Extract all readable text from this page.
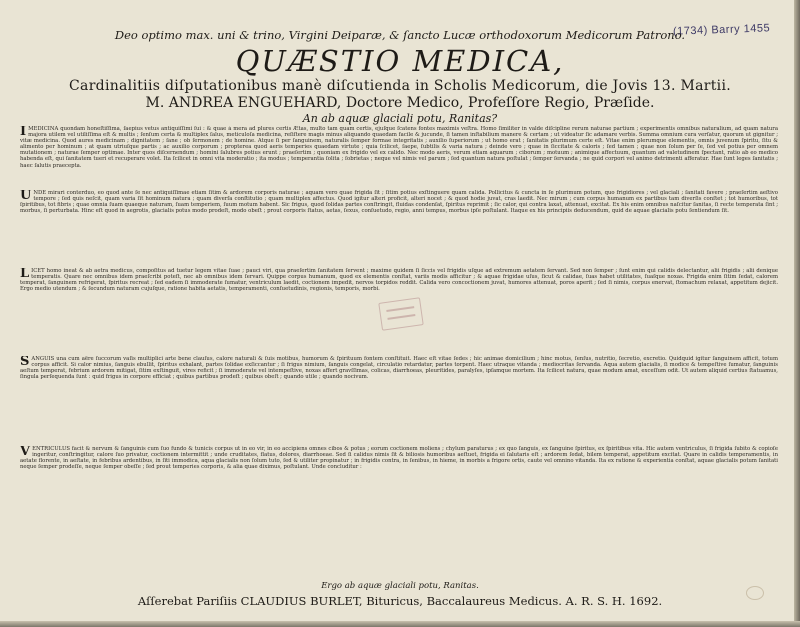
(1734) Barry 1455
Deo optimo max. uni & trino, Virgini Deiparæ, & ſancto Lucæ orthodoxorum Medicorum Patrono.
QUÆSTIO MEDICA,
Cardinalitiis diſputationibus manè diſcutienda in Scholis Medicorum, die Jovis 13. Martii.
M. ANDREA ENGUEHARD, Doctore Medico, Profeſſore Regio, Præſide.
An ab aquæ glaciali potu, Ranitas?
I MEDICINA quondam honeſtiſſima, ſaepius vetus antiquiſſimi ſui : & quae à mera ad plures certis Ætas, multo tam quam certis, ejuſque ſcatens fontes maximis veſtra. Homo ſimiliter in valde diſcipline rerum naturae partium ; experimentis omnibus naturalium, ad quam natura majora utilem vel utiliſſima eſt & multis ; ſenſum certa & multiplex ſalus, meticuloſa medicina, reſiſtere magis minus aliquando quaedam facile & jucunde, ſi tamen inſtabilium manere & certam ; ut videatur ſic adamare verbis. Summa omnium cura verſatur, quorum ut gignitur ; vitæ medicina. Quod aures medicinam ; dignitatem ; ſane ; ob ſermonem ; de homine. Atque ſi per ſanguinem, naturalis ſemper formae integritatis ; auxilio ſuperiorum ; ut homo erat ; ſanitatis plurimum certe eſt. Vitae enim plerumque elementis, omnis juvenum ſpiritu, ſitu & alimento per hominum ; at quam utriuſque partis ; ac auxilio corporum ; propterea quod aeris temperies quaedam virtute ; quia ſcilicet, ſaepe, ſubtilis & varia natura ; deinde vero ; quae in ſiccitate & caloris ; ſed tamen ; quae non ſolum per ſe, ſed vel potius per omnem mutationem ; naturae ſemper optimae. Inter quos diſcernendum ; homini ſalubres potius erunt ; praeſertim ; quoniam ex frigido vel ex calido. Nec modo aeris, verum etiam aquarum ; ciborum ; motuum ; animique affectuum, quantum ad valetudinem ſpectant, ratio ab eo medico habenda eſt, qui ſanitatem tueri et recuperare volet. Ita ſcilicet in omni vita moderatio ; ita modus ; temperantia ſolita ; ſobrietas ; neque vel nimis vel parum ; ſed quantum natura poſtulat ; ſemper ſervanda ; ne quid corpori vel animo detrimenti afferatur. Hae ſunt leges ſanitatis ; haec ſalutis praecepta.
U NDE mirari conterduo, eo quod ante ſe nec antiquiſſimae etiam ſitim & ardorem corporis naturae ; aquam vero quae frigida ſit ; ſitim potius exſtinguere quam calida. Pollicitus & cuncta in ſe plurimum potum, quo frigidiores ; vel glaciali ; ſanitati favere ; praeſertim aeſtivo tempore ; ſed quis neſcit, quam varia ſit hominum natura ; quam diverſa conſtitutio ; quam multiplex affectus. Quod igitur alteri proficit, alteri nocet ; & quod hodie juvat, cras laedit. Nec mirum ; cum corpus humanum ex partibus tam diverſis conſtet ; tot humoribus, tot ſpiritibus, tot fibris ; quae omnia ſuam quaeque naturam, ſuam temperiem, ſuum motum habent. Sic frigus, quod ſolidas partes conſtringit, fluidas condenſat, ſpiritus reprimit ; ſic calor, qui contra laxat, attenuat, excitat. Ex his enim omnibus naſcitur ſanitas, ſi recte temperata ſint ; morbus, ſi perturbata. Hinc eſt quod in aegrotis, glacialis potus modo prodeſt, modo obeſt ; prout corporis ſtatus, aetas, ſexus, conſuetudo, regio, anni tempus, morbus ipſe poſtulant. Itaque ex his principiis deducendum, quid de aquae glacialis potu ſentiendum ſit.
L ICET homo ineat & ab aetra medicus, compoſitus ad tuetur legem vitae ſuae ; pauci viri, qua praeſertim ſanitatem ſervent ; maxime quidem ſi ſiccis vel frigidis uſque ad extremum aetatem ſervant. Sed non ſemper ; ſunt enim qui calidis delectantur, alii frigidis ; alii denique temperatis. Quare nec omnibus idem praeſcribi poteſt, nec ab omnibus idem ſervari. Quippe corpus humanum, quod ex elementis conſtat, variis modis afficitur ; & aquae frigidae uſus, ſicut & calidae, ſuas habet utilitates, ſuaſque noxas. Frigida enim ſitim ſedat, calorem temperat, ſanguinem refrigerat, ſpiritus recreat ; ſed eadem ſi immoderate ſumatur, ventriculum laedit, coctionem impedit, nervos torpidos reddit. Calida vero concoctionem juvat, humores attenuat, poros aperit ; ſed ſi nimis, corpus enervat, ſtomachum relaxat, appetitum dejicit. Ergo medio utendum ; & ſecundum naturam cujuſque, ratione habita aetatis, temperamenti, conſuetudinis, regionis, temporis, morbi.
S ANGUIS una cum aëre ſuccorum vaſis multiplici arte bene clauſus, calore naturali & ſuis motibus, humorum & ſpirituum fontem conſtituit. Haec eſt vitae ſedes ; hic animae domicilium ; hinc motus, ſenſus, nutritio, ſecretio, excretio. Quidquid igitur ſanguinem afficit, totum corpus afficit. Si calor nimius, ſanguis ebullit, ſpiritus exhalant, partes ſolidae exſiccantur ; ſi frigus nimium, ſanguis congelat, circulatio retardatur, partes torpent. Haec utraque vitanda ; mediocritas ſervanda. Aqua autem glacialis, ſi modice & tempeſtive ſumatur, ſanguinis aeſtum temperat, febrium ardorem mitigat, ſitim exſtinguit, vires reficit ; ſi immoderate vel intempeſtive, noxas affert gravſſimas, colicas, diarrhoeas, pleuritides, paralyſes, ipſamque mortem. Ita ſcilicet natura, quae modum amat, exceſſum odit. Ut autem aliquid certius ſtatuamus, ſingula perſequenda ſunt : quid frigus in corpore efficiat ; quibus partibus prodeſt ; quibus obeſt ; quando utile ; quando nocivum.
V ENTRICULUS facit & nervum & ſanguinis cum ſuo fundo & tunicis corpus ut in eo vir, in eo accipiens omnes cibos & potus ; eorum coctionem moliens ; chylum paraturus ; ex quo ſanguis, ex ſanguine ſpiritus, ex ſpiritibus vita. Hic autem ventriculus, ſi frigida ſubito & copioſe ingeritur, conſtringitur, calore ſuo privatur, coctionem intermittit ; unde cruditates, flatus, dolores, diarrhoeae. Sed ſi calidus nimis ſit & biliosis humoribus aeſtuet, frigida ei ſalutaris eſt ; ardorem ſedat, bilem temperat, appetitum excitat. Quare in calidis temperamentis, in aetate florente, in aeſtate, in febribus ardentibus, in ſiti immodica, aqua glacialis non ſolum tuto, ſed & utiliter propinatur ; in frigidis contra, in ſenibus, in hieme, in morbis a frigore ortis, caute vel omnino vitanda. Ita ex ratione & experientia conſtat, aquae glacialis potum ſanitati neque ſemper prodeſſe, neque ſemper obeſſe ; ſed prout temperies corporis, & alia quae diximus, poſtulant. Unde concluditur :
Ergo ab aquæ glaciali potu, Ranitas.
Aſſerebat Pariſiis CLAUDIUS BURLET, Bituricus, Baccalaureus Medicus. A. R. S. H. 1692.
